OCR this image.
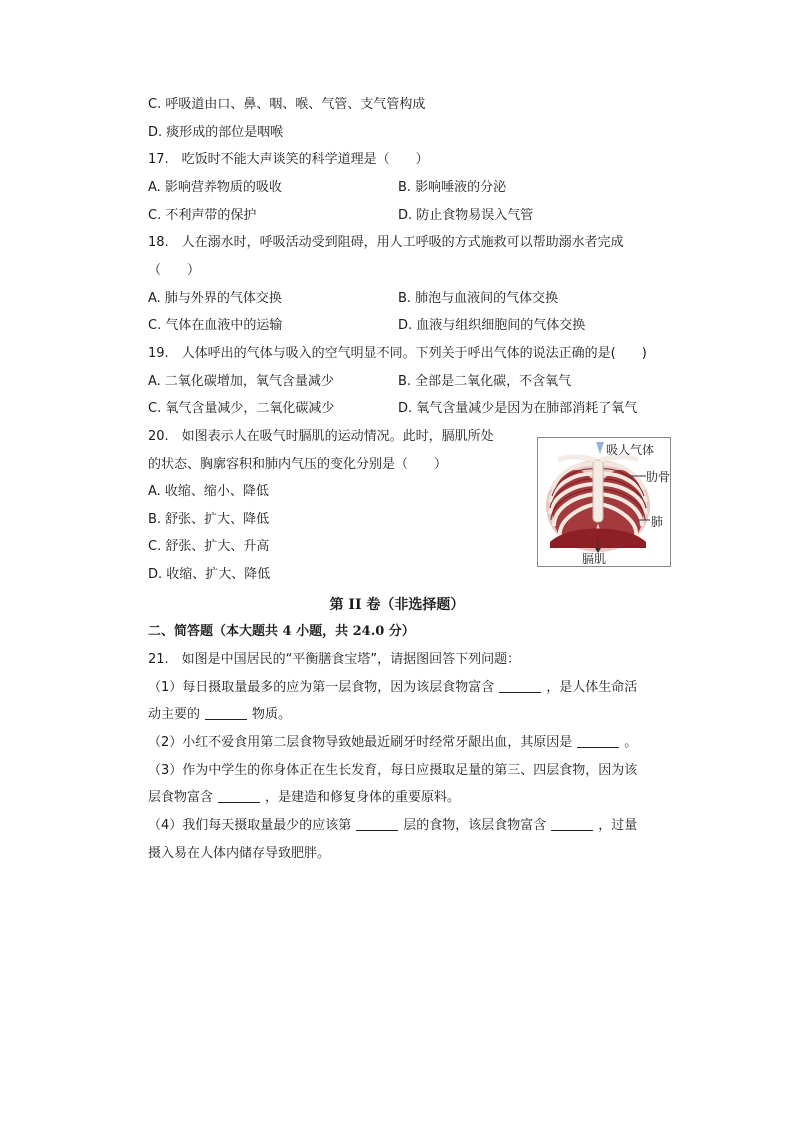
C. 呼吸道由口、鼻、咽、喉、气管、支气管构成
D. 痰形成的部位是咽喉
17.　吃饭时不能大声谈笑的科学道理是（　　）
A. 影响营养物质的吸收	B. 影响唾液的分泌
C. 不利声带的保护	D. 防止食物易误入气管
18.　人在溺水时，呼吸活动受到阻碍，用人工呼吸的方式施救可以帮助溺水者完成
（　　）
A. 肺与外界的气体交换	B. 肺泡与血液间的气体交换
C. 气体在血液中的运输	D. 血液与组织细胞间的气体交换
19.　人体呼出的气体与吸入的空气明显不同。下列关于呼出气体的说法正确的是(　　)
A. 二氧化碳增加，氧气含量减少	B. 全部是二氧化碳，不含氧气
C. 氧气含量减少，二氧化碳减少	D. 氧气含量减少是因为在肺部消耗了氧气
20.　如图表示人在吸气时膈肌的运动情况。此时，膈肌所处
的状态、胸廓容积和肺内气压的变化分别是（　　）
A. 收缩、缩小、降低
B. 舒张、扩大、降低
C. 舒张、扩大、升高
D. 收缩、扩大、降低
吸人气体
肋骨
肺
膈肌
第 II 卷（非选择题）
二、简答题（本大题共 4 小题，共 24.0 分）
21.　如图是中国居民的“平衡膳食宝塔”，请据图回答下列问题：
（1）每日摄取量最多的应为第一层食物，因为该层食物富含	，是人体生命活
动主要的	物质。
（2）小红不爱食用第二层食物导致她最近刷牙时经常牙龈出血，其原因是	。
（3）作为中学生的你身体正在生长发育，每日应摄取足量的第三、四层食物，因为该
层食物富含	，是建造和修复身体的重要原料。
（4）我们每天摄取量最少的应该第	层的食物，该层食物富含	，过量
摄入易在人体内储存导致肥胖。
